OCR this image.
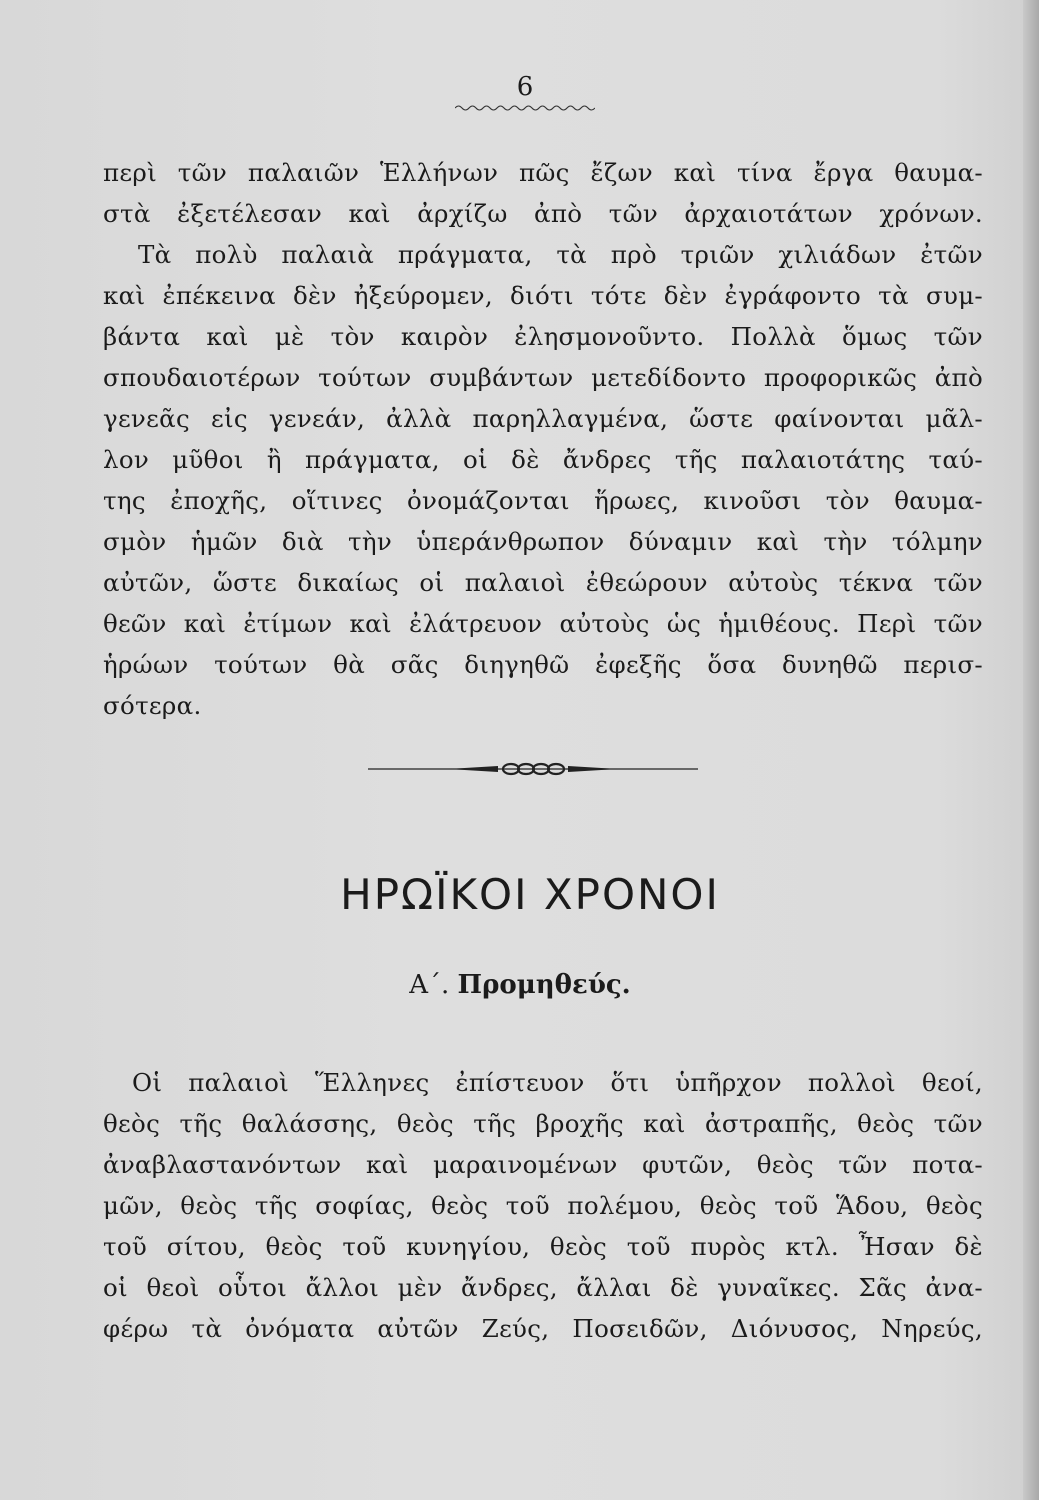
6
περὶ τῶν παλαιῶν Ἑλλήνων πῶς ἔζων καὶ τίνα ἔργα θαυμα-
στὰ ἐξετέλεσαν καὶ ἀρχίζω ἀπὸ τῶν ἀρχαιοτάτων χρόνων.
Τὰ πολὺ παλαιὰ πράγματα, τὰ πρὸ τριῶν χιλιάδων ἐτῶν
καὶ ἐπέκεινα δὲν ἠξεύρομεν, διότι τότε δὲν ἐγράφοντο τὰ συμ-
βάντα καὶ μὲ τὸν καιρὸν ἐλησμονοῦντο. Πολλὰ ὅμως τῶν
σπουδαιοτέρων τούτων συμβάντων μετεδίδοντο προφορικῶς ἀπὸ
γενεᾶς εἰς γενεάν, ἀλλὰ παρηλλαγμένα, ὥστε φαίνονται μᾶλ-
λον μῦθοι ἢ πράγματα, οἱ δὲ ἄνδρες τῆς παλαιοτάτης ταύ-
της ἐποχῆς, οἵτινες ὀνομάζονται ἥρωες, κινοῦσι τὸν θαυμα-
σμὸν ἡμῶν διὰ τὴν ὑπεράνθρωπον δύναμιν καὶ τὴν τόλμην
αὐτῶν, ὥστε δικαίως οἱ παλαιοὶ ἐθεώρουν αὐτοὺς τέκνα τῶν
θεῶν καὶ ἐτίμων καὶ ἐλάτρευον αὐτοὺς ὡς ἡμιθέους. Περὶ τῶν
ἡρώων τούτων θὰ σᾶς διηγηθῶ ἐφεξῆς ὅσα δυνηθῶ περισ-
σότερα.
ΗΡΩΪΚΟΙ ΧΡΟΝΟΙ
Α΄. Προμηθεύς.
Οἱ παλαιοὶ Ἕλληνες ἐπίστευον ὅτι ὑπῆρχον πολλοὶ θεοί,
θεὸς τῆς θαλάσσης, θεὸς τῆς βροχῆς καὶ ἀστραπῆς, θεὸς τῶν
ἀναβλαστανόντων καὶ μαραινομένων φυτῶν, θεὸς τῶν ποτα-
μῶν, θεὸς τῆς σοφίας, θεὸς τοῦ πολέμου, θεὸς τοῦ Ἅδου, θεὸς
τοῦ σίτου, θεὸς τοῦ κυνηγίου, θεὸς τοῦ πυρὸς κτλ. Ἦσαν δὲ
οἱ θεοὶ οὗτοι ἄλλοι μὲν ἄνδρες, ἄλλαι δὲ γυναῖκες. Σᾶς ἀνα-
φέρω τὰ ὀνόματα αὐτῶν Ζεύς, Ποσειδῶν, Διόνυσος, Νηρεύς,
